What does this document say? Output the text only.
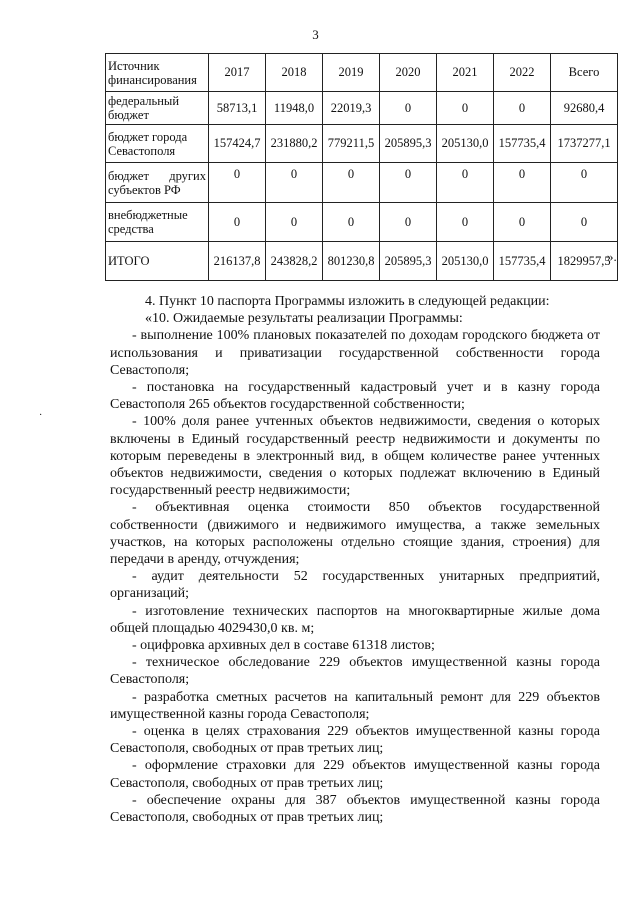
3
Источник
финансирования	2017	2018	2019	2020	2021	2022	Всего

федеральный
бюджет	58713,1	11948,0	22019,3	0	0	0	92680,4

бюджет города
Севастополя	157424,7	231880,2	779211,5	205895,3	205130,0	157735,4	1737277,1

бюджет других
субъектов РФ	0	0	0	0	0	0	0

внебюджетные
средства	0	0	0	0	0	0	0

ИТОГО	216137,8	243828,2	801230,8	205895,3	205130,0	157735,4	1829957,5
».
·

4. Пункт 10 паспорта Программы изложить в следующей редакции:

«10. Ожидаемые результаты реализации Программы:

- выполнение 100% плановых показателей по доходам городского бюджета от использования и приватизации государственной собственности города Севастополя;

- постановка на государственный кадастровый учет и в казну города Севастополя 265 объектов государственной собственности;

- 100% доля ранее учтенных объектов недвижимости, сведения о которых включены в Единый государственный реестр недвижимости и документы по которым переведены в электронный вид, в общем количестве ранее учтенных объектов недвижимости, сведения о которых подлежат включению в Единый государственный реестр недвижимости;

- объективная оценка стоимости 850 объектов государственной собственности (движимого и недвижимого имущества, а также земельных участков, на которых расположены отдельно стоящие здания, строения) для передачи в аренду, отчуждения;

- аудит деятельности 52 государственных унитарных предприятий, организаций;

- изготовление технических паспортов на многоквартирные жилые дома общей площадью 4029430,0 кв. м;

- оцифровка архивных дел в составе 61318 листов;

- техническое обследование 229 объектов имущественной казны города Севастополя;

- разработка сметных расчетов на капитальный ремонт для 229 объектов имущественной казны города Севастополя;

- оценка в целях страхования 229 объектов имущественной казны города Севастополя, свободных от прав третьих лиц;

- оформление страховки для 229 объектов имущественной казны города Севастополя, свободных от прав третьих лиц;

- обеспечение охраны для 387 объектов имущественной казны города Севастополя, свободных от прав третьих лиц;
